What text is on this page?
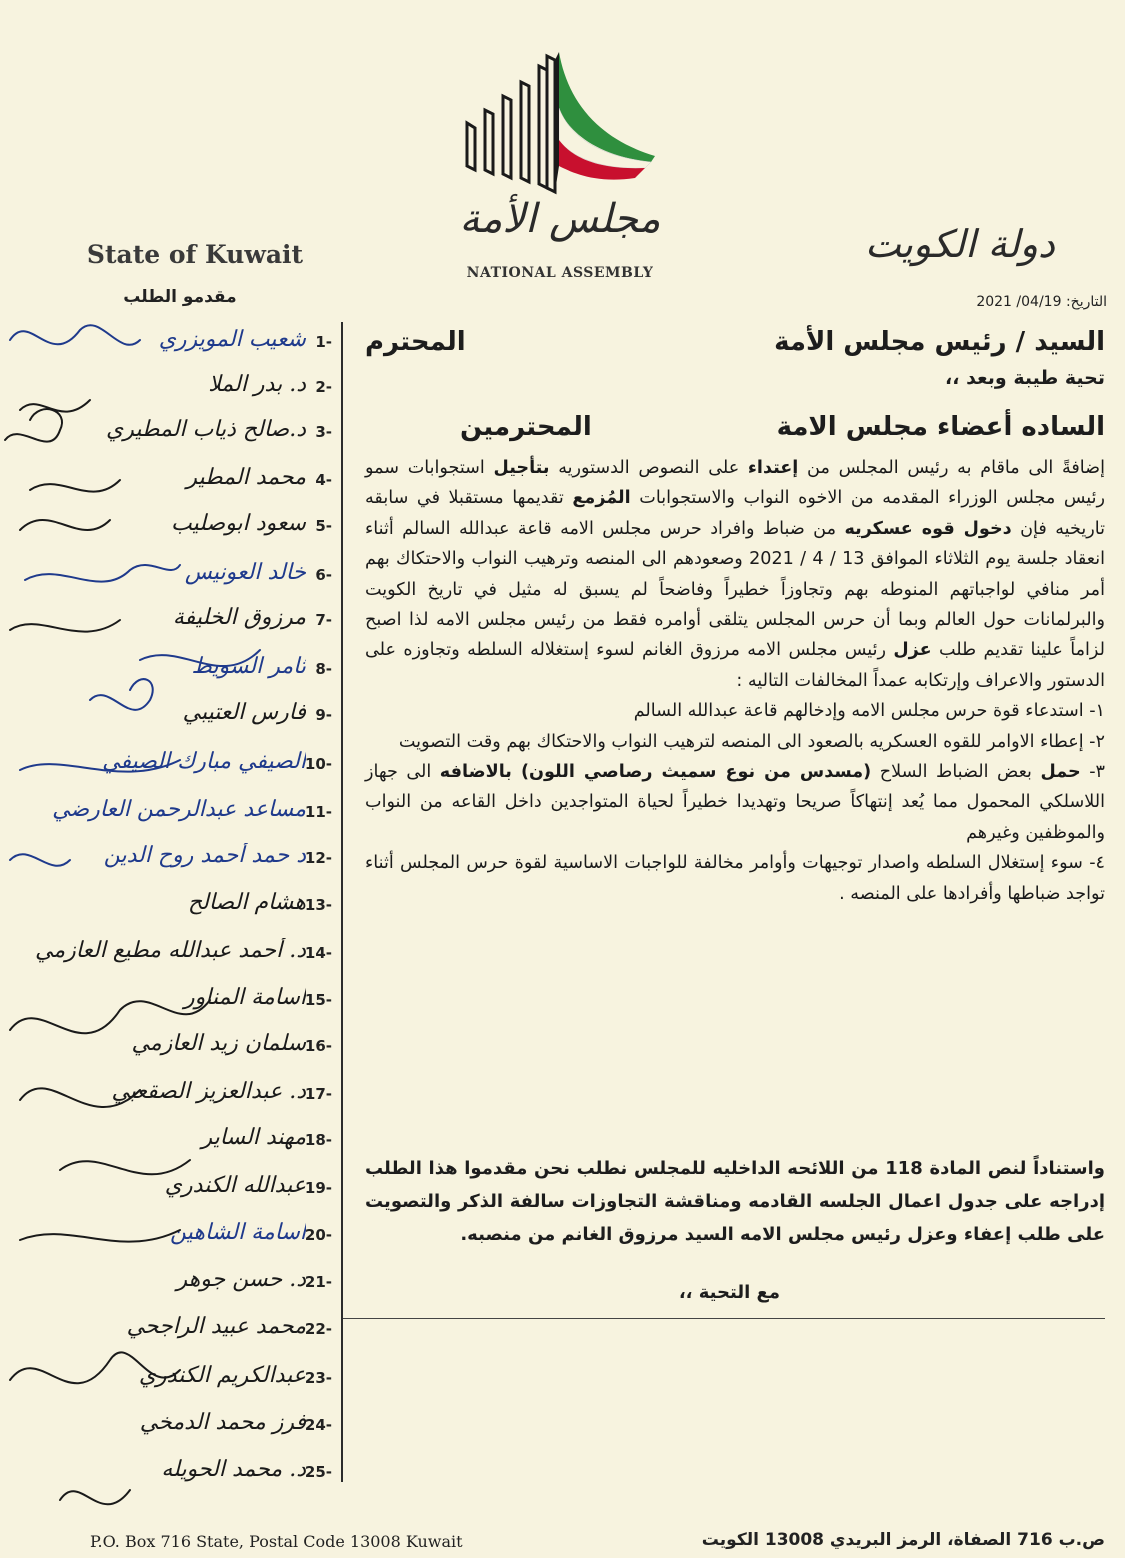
مجلس الأمة
NATIONAL ASSEMBLY
دولة الكويت
State of Kuwait
مقدمو الطلب
1-
شعيب المويزري
2-
د. بدر الملا
3-
د.صالح ذياب المطيري
4-
محمد المطير
5-
سعود ابوصليب
6-
خالد العونيس
7-
مرزوق الخليفة
8-
ثامر السويط
9-
فارس العتيبي
10-
الصيفي مبارك الصيفي
11-
مساعد عبدالرحمن العارضي
12-
د حمد أحمد روح الدين
13-
هشام الصالح
14-
د. أحمد عبدالله مطيع العازمي
15-
اسامة المناور
16-
سلمان زيد العازمي
17-
د. عبدالعزيز الصقعبي
18-
مهند الساير
19-
عبدالله الكندري
20-
اسامة الشاهين
21-
د. حسن جوهر
22-
محمد عبيد الراجحي
23-
عبدالكريم الكندري
24-
فرز محمد الدمخي
25-
د. محمد الحويله
التاريخ: 2021 /04/19
السيد / رئيس مجلس الأمة
المحترم
تحية طيبة وبعد ،،
الساده أعضاء مجلس الامة
المحترمين

إضافةً الى ماقام به رئيس المجلس من إعتداء على النصوص الدستوريه بتأجيل استجوابات سمو رئيس مجلس الوزراء المقدمه من الاخوه النواب والاستجوابات المُزمع تقديمها مستقبلا في سابقه تاريخيه فإن دخول قوه عسكريه من ضباط وافراد حرس مجلس الامه قاعة عبدالله السالم أثناء انعقاد جلسة يوم الثلاثاء الموافق 13 / 4 / 2021 وصعودهم الى المنصه وترهيب النواب والاحتكاك بهم أمر منافي لواجباتهم المنوطه بهم وتجاوزاً خطيراً وفاضحاً لم يسبق له مثيل في تاريخ الكويت والبرلمانات حول العالم وبما أن حرس المجلس يتلقى أوامره فقط من رئيس مجلس الامه لذا اصبح لزاماً علينا تقديم طلب عزل رئيس مجلس الامه مرزوق الغانم لسوء إستغلاله السلطه وتجاوزه على الدستور والاعراف وإرتكابه عمداً المخالفات التاليه :

١- استدعاء قوة حرس مجلس الامه وإدخالهم قاعة عبدالله السالم

٢- إعطاء الاوامر للقوه العسكريه بالصعود الى المنصه لترهيب النواب والاحتكاك بهم وقت التصويت

٣- حمل بعض الضباط السلاح (مسدس من نوع سميث رصاصي اللون) بالاضافه الى جهاز اللاسلكي المحمول مما يُعد إنتهاكاً صريحا وتهديدا خطيراً لحياة المتواجدين داخل القاعه من النواب والموظفين وغيرهم

٤- سوء إستغلال السلطه واصدار توجيهات وأوامر مخالفة للواجبات الاساسية لقوة حرس المجلس أثناء تواجد ضباطها وأفرادها على المنصه .

واستناداً لنص المادة 118 من اللائحه الداخليه للمجلس نطلب نحن مقدموا هذا الطلب إدراجه على جدول اعمال الجلسه القادمه ومناقشة التجاوزات سالفة الذكر والتصويت على طلب إعفاء وعزل رئيس مجلس الامه السيد مرزوق الغانم من منصبه.
مع التحية ،،
P.O. Box 716 State, Postal Code 13008 Kuwait	ص.ب 716 الصفاة، الرمز البريدي 13008 الكويت
